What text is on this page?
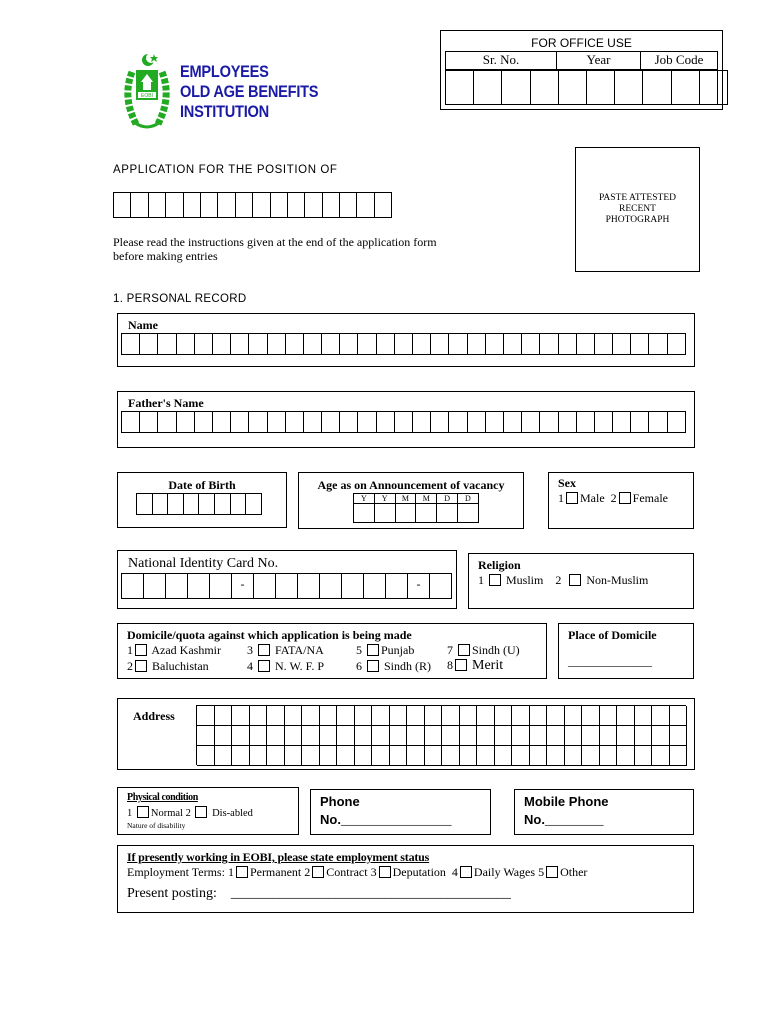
EOBI
EMPLOYEES
OLD AGE BENEFITS
INSTITUTION
FOR OFFICE USE
Sr. No.	Year	Job Code
APPLICATION FOR THE POSITION OF
PASTE ATTESTED
RECENT
PHOTOGRAPH
Please read the instructions given at the end of the application form
before making entries
1. PERSONAL RECORD
Name
Father's Name
Date of Birth	Age as on Announcement of vacancy
Y	Y	M	M	D	D
Sex
1 Male 2 Female
National Identity Card No.
-	-
Religion
1 Muslim 2 Non-Muslim
Domicile/quota against which application is being made
1 Azad Kashmir
2 Baluchistan
3 FATA/NA
4 N. W. F. P
5 Punjab
6 Sindh (R)
7 Sindh (U)
8 Merit
Place of Domicile
______________
Address
Physical condition
1 Normal 2 Dis-abled
Nature of disability
Phone
No._________________
Mobile Phone
No._________
If presently working in EOBI, please state employment status
Employment Terms: 1 Permanent 2 Contract 3 Deputation 4 Daily Wages 5 Other
Present posting: ________________________________________
